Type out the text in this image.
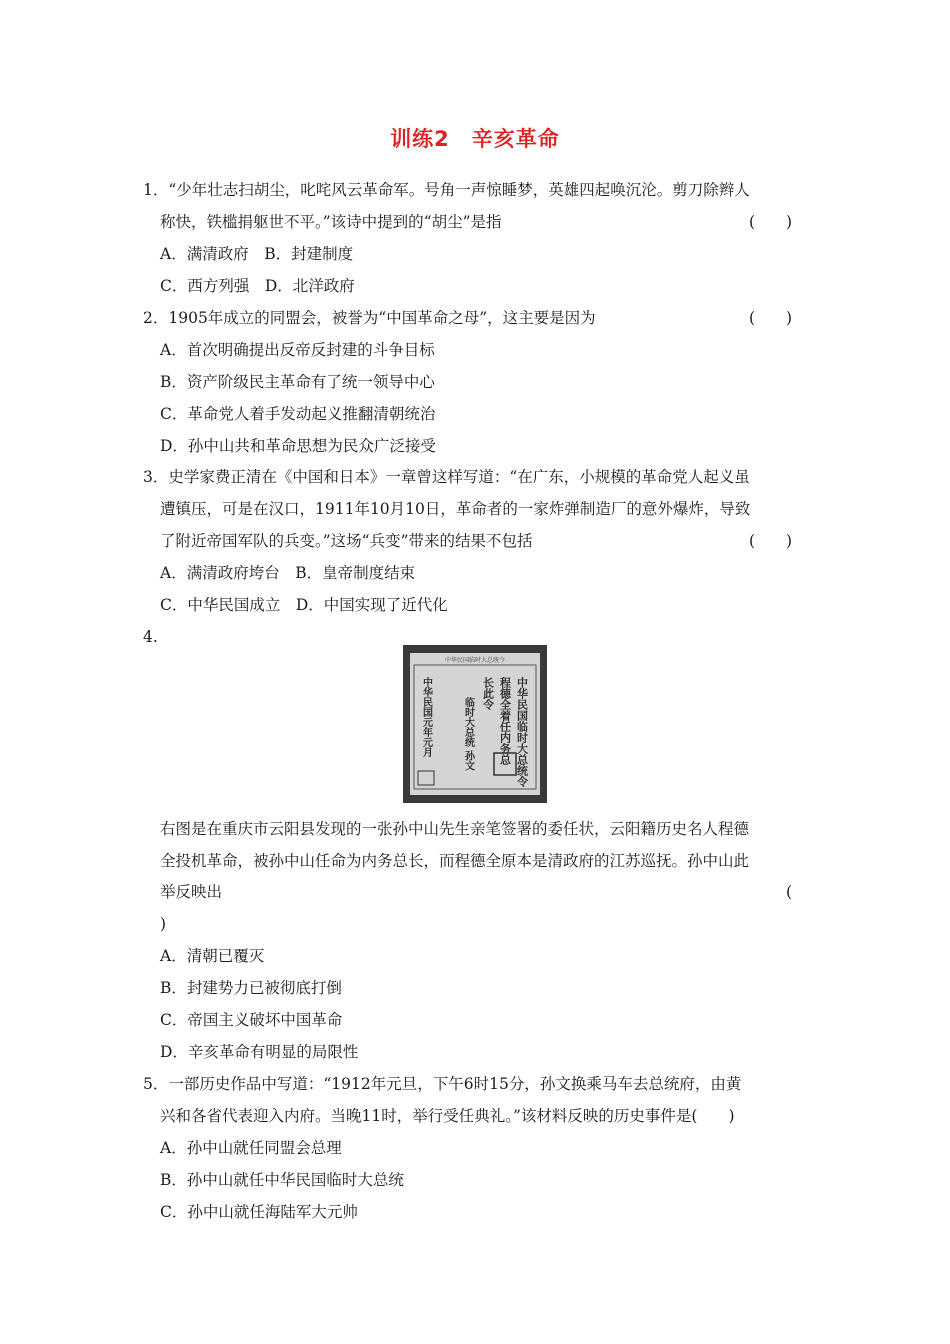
训练2　辛亥革命
1．“少年壮志扫胡尘，叱咤风云革命军。号角一声惊睡梦，英雄四起唤沉沦。剪刀除辫人
称快，铁槛捐躯世不平。”该诗中提到的“胡尘”是指	(　　)
A．满清政府　B．封建制度
C．西方列强　D．北洋政府
2．1905年成立的同盟会，被誉为“中国革命之母”，这主要是因为	(　　)
A．首次明确提出反帝反封建的斗争目标
B．资产阶级民主革命有了统一领导中心
C．革命党人着手发动起义推翻清朝统治
D．孙中山共和革命思想为民众广泛接受
3．史学家费正清在《中国和日本》一章曾这样写道：“在广东，小规模的革命党人起义虽
遭镇压，可是在汉口，1911年10月10日，革命者的一家炸弹制造厂的意外爆炸，导致
了附近帝国军队的兵变。”这场“兵变”带来的结果不包括	(　　)
A．满清政府垮台　B．皇帝制度结束
C．中华民国成立　D．中国实现了近代化
4.
中华民国临时大总统令
中华民国临时大总统令
程德全着任内务总
长此令
临时大总统 孙文
中华民国元年元月
右图是在重庆市云阳县发现的一张孙中山先生亲笔签署的委任状，云阳籍历史名人程德
全投机革命，被孙中山任命为内务总长，而程德全原本是清政府的江苏巡抚。孙中山此
举反映出	(
)
A．清朝已覆灭
B．封建势力已被彻底打倒
C．帝国主义破坏中国革命
D．辛亥革命有明显的局限性
5．一部历史作品中写道：“1912年元旦，下午6时15分，孙文换乘马车去总统府，由黄
兴和各省代表迎入内府。当晚11时，举行受任典礼。”该材料反映的历史事件是(　　)
A．孙中山就任同盟会总理
B．孙中山就任中华民国临时大总统
C．孙中山就任海陆军大元帅
